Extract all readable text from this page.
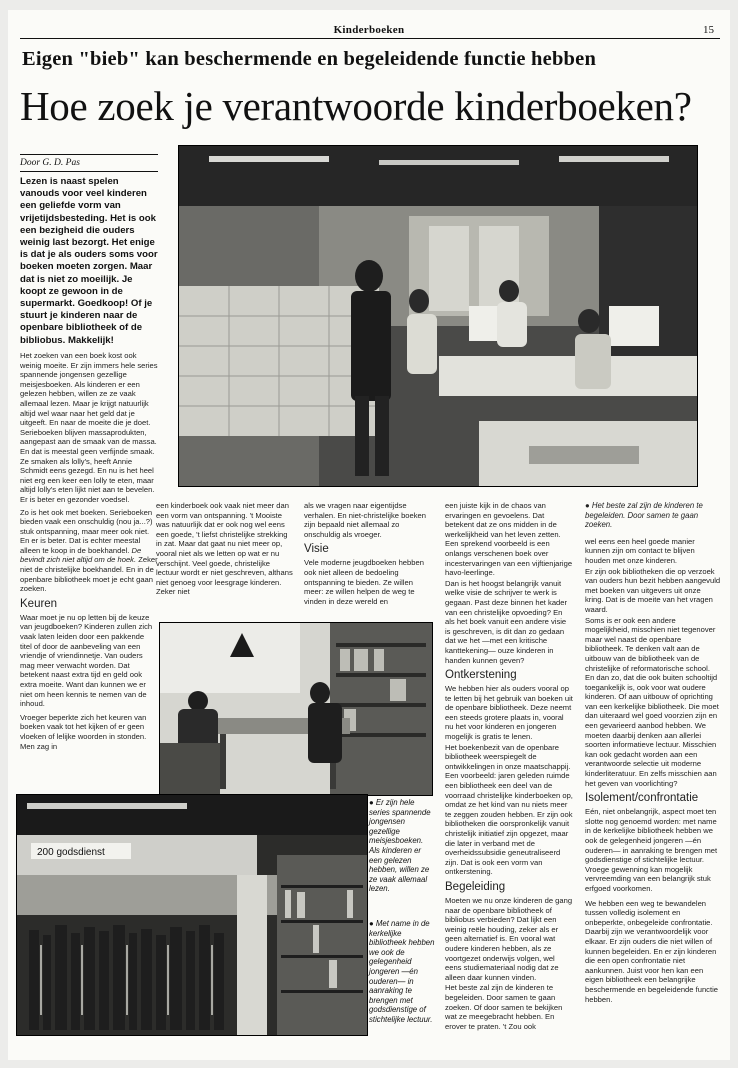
Kinderboeken	15
Eigen "bieb" kan beschermende en begeleidende functie hebben
Hoe zoek je verantwoorde kinderboeken?
Door G. D. Pas
Lezen is naast spelen vanouds voor veel kinderen een geliefde vorm van vrijetijdsbesteding. Het is ook een bezigheid die ouders weinig last bezorgt. Het enige is dat je als ouders soms voor boeken moeten zorgen. Maar dat is niet zo moeilijk. Je koopt ze gewoon in de supermarkt. Goedkoop! Of je stuurt je kinderen naar de openbare bibliotheek of de bibliobus. Makkelijk!

Het zoeken van een boek kost ook weinig moeite. Er zijn immers hele series spannende jongensen gezellige meisjesboeken. Als kinderen er een gelezen hebben, willen ze ze vaak allemaal lezen. Maar je krijgt natuurlijk altijd wel waar naar het geld dat je uitgeeft. En naar de moeite die je doet. Serieboeken blijven massaprodukten, aangepast aan de smaak van de massa. En dat is meestal geen verfijnde smaak. Ze smaken als lolly's, heeft Annie Schmidt eens gezegd. En nu is het heel niet erg een keer een lolly te eten, maar altijd lolly's eten lijkt niet aan te bevelen. Er is beter en gezonder voedsel.

Zo is het ook met boeken. Serieboeken bieden vaak een onschuldig (nou ja...?) stuk ontspanning, maar meer ook niet. En er is beter. Dat is echter meestal alleen te koop in de boekhandel. De bevindt zich niet altijd om de hoek. Zeker niet de christelijke boekhandel. En in de openbare bibliotheek moet je echt gaan zoeken.

Keuren

Waar moet je nu op letten bij de keuze van jeugdboeken? Kinderen zullen zich vaak laten leiden door een pakkende titel of door de aanbeveling van een vriendje of vriendinnetje. Van ouders mag meer verwacht worden. Dat betekent naast extra tijd en geld ook extra moeite. Want dan kunnen we er niet om heen kennis te nemen van de inhoud.

Vroeger beperkte zich het keuren van boeken vaak tot het kijken of er geen vloeken of lelijke woorden in stonden. Men zag in

een kinderboek ook vaak niet meer dan een vorm van ontspanning. 't Mooiste was natuurlijk dat er ook nog wel eens een goede, 't liefst christelijke strekking in zat. Maar dat gaat nu niet meer op, vooral niet als we letten op wat er nu verschijnt. Veel goede, christelijke lectuur wordt er niet geschreven, althans niet genoeg voor leesgrage kinderen. Zeker niet

als we vragen naar eigentijdse verhalen. En niet-christelijke boeken zijn bepaald niet allemaal zo onschuldig als vroeger.

Visie

Vele moderne jeugdboeken hebben ook niet alleen de bedoeling ontspanning te bieden. Ze willen meer: ze willen helpen de weg te vinden in deze wereld en

een juiste kijk in de chaos van ervaringen en gevoelens. Dat betekent dat ze ons midden in de werkelijkheid van het leven zetten. Een sprekend voorbeeld is een onlangs verschenen boek over incestervaringen van een vijftienjarige havo-leerlinge.

Dan is het hoogst belangrijk vanuit welke visie de schrijver te werk is gegaan. Past deze binnen het kader van een christelijke opvoeding? En als het boek vanuit een andere visie is geschreven, is dit dan zo gedaan dat we het —met een kritische kanttekening— ouze kinderen in handen kunnen geven?

Ontkerstening

We hebben hier als ouders vooral op te letten bij het gebruik van boeken uit de openbare bibliotheek. Deze neemt een steeds grotere plaats in, vooral nu het voor kinderen en jongeren mogelijk is gratis te lenen.

Het boekenbezit van de openbare bibliotheek weerspiegelt de ontwikkelingen in onze maatschappij. Een voorbeeld: jaren geleden ruimde een bibliotheek een deel van de voorraad christelijke kinderboeken op, omdat ze het kind van nu niets meer te zeggen zouden hebben. Er zijn ook bibliotheken die oorspronkelijk vanuit christelijk initiatief zijn opgezet, maar die later in verband met de overheidssubsidie geneutraliseerd zijn. Dat is ook een vorm van ontkerstening.

Begeleiding

Moeten we nu onze kinderen de gang naar de openbare bibliotheek of bibliobus verbieden? Dat lijkt een weinig reële houding, zeker als er geen alternatief is. En vooral wat oudere kinderen hebben, als ze voortgezet onderwijs volgen, wel eens studiemateriaal nodig dat ze alleen daar kunnen vinden.

Het beste zal zijn de kinderen te begeleiden. Door samen te gaan zoeken. Of door samen te bekijken wat ze meegebracht hebben. En erover te praten. 't Zou ook

● Het beste zal zijn de kinderen te begeleiden. Door samen te gaan zoeken.

wel eens een heel goede manier kunnen zijn om contact te blijven houden met onze kinderen.

Er zijn ook bibliotheken die op verzoek van ouders hun bezit hebben aangevuld met boeken van uitgevers uit onze kring. Dat is de moeite van het vragen waard.

Soms is er ook een andere mogelijkheid, misschien niet tegenover maar wel naast de openbare bibliotheek. Te denken valt aan de uitbouw van de bibliotheek van de christelijke of reformatorische school. En dan zo, dat die ook buiten schooltijd toegankelijk is, ook voor wat oudere kinderen. Of aan uitbouw of oprichting van een kerkelijke bibliotheek. Die moet dan uiteraard wel goed voorzien zijn en een gevarieerd aanbod hebben. We moeten daarbij denken aan allerlei soorten informatieve lectuur. Misschien kan ook gedacht worden aan een verantwoorde selectie uit moderne kinderliteratuur. En zelfs misschien aan het geven van voorlichting?

Isolement/confrontatie

Eén, niet onbelangrijk, aspect moet ten slotte nog genoemd worden: met name in de kerkelijke bibliotheek hebben we ook de gelegenheid jongeren —én ouderen— in aanraking te brengen met godsdienstige of stichtelijke lectuur. Vroege gewenning kan mogelijk vervreemding van een belangrijk stuk erfgoed voorkomen.

We hebben een weg te bewandelen tussen volledig isolement en onbeperkte, onbegeleide confrontatie. Daarbij zijn we verantwoordelijk voor elkaar. Er zijn ouders die niet willen of kunnen begeleiden. En er zijn kinderen die een open confrontatie niet aankunnen. Juist voor hen kan een eigen bibliotheek een belangrijke beschermende en begeleidende functie hebben.

200 godsdienst
● Er zijn hele series spannende jongensen gezellige meisjesboeken. Als kinderen er een gelezen hebben, willen ze ze vaak allemaal lezen.
● Met name in de kerkelijke bibliotheek hebben we ook de gelegenheid jongeren —én ouderen— in aanraking te brengen met godsdienstige of stichtelijke lectuur.
